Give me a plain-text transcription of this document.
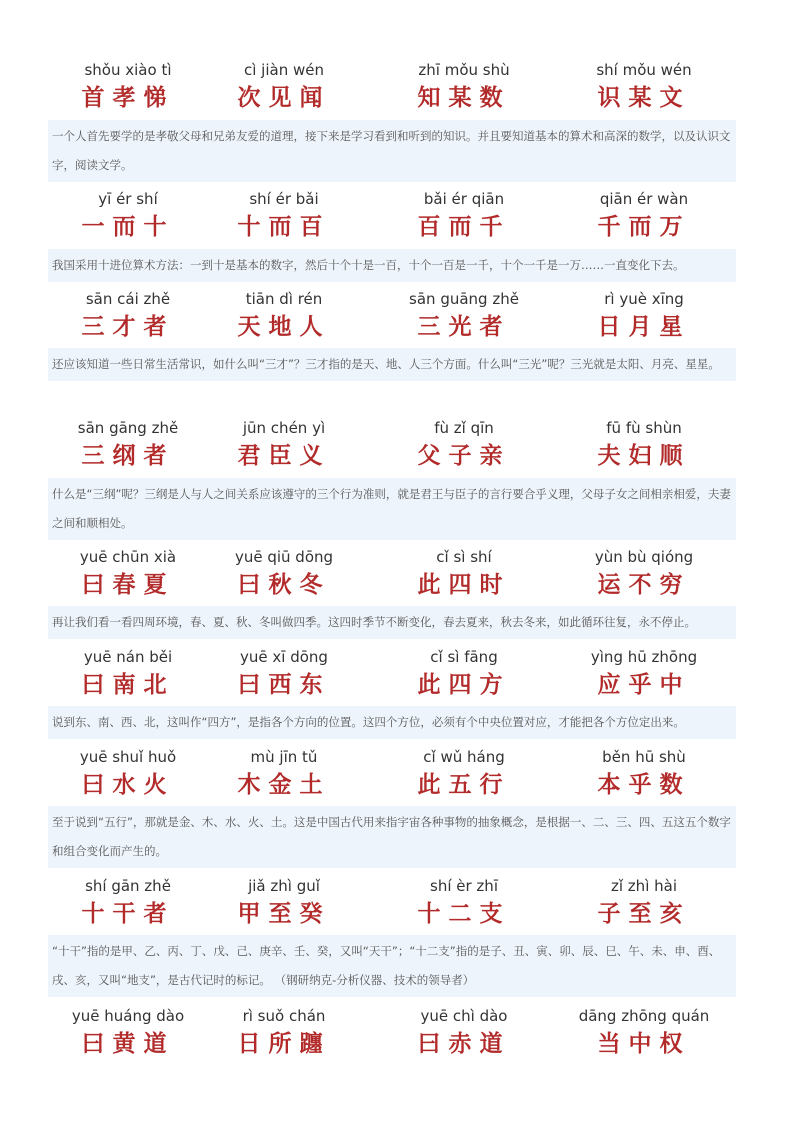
shǒu xiào tì
首孝悌
cì jiàn wén
次见闻
zhī mǒu shù
知某数
shí mǒu wén
识某文
一个人首先要学的是孝敬父母和兄弟友爱的道理，接下来是学习看到和听到的知识。并且要知道基本的算术和高深的数学，以及认识文字，阅读文学。
yī ér shí
一而十
shí ér bǎi
十而百
bǎi ér qiān
百而千
qiān ér wàn
千而万
我国采用十进位算术方法：一到十是基本的数字，然后十个十是一百，十个一百是一千，十个一千是一万……一直变化下去。
sān cái zhě
三才者
tiān dì rén
天地人
sān guāng zhě
三光者
rì yuè xīng
日月星
还应该知道一些日常生活常识，如什么叫“三才”？三才指的是天、地、人三个方面。什么叫“三光”呢？三光就是太阳、月亮、星星。
sān gāng zhě
三纲者
jūn chén yì
君臣义
fù zǐ qīn
父子亲
fū fù shùn
夫妇顺
什么是“三纲”呢？三纲是人与人之间关系应该遵守的三个行为准则，就是君王与臣子的言行要合乎义理，父母子女之间相亲相爱，夫妻之间和顺相处。
yuē chūn xià
曰春夏
yuē qiū dōng
曰秋冬
cǐ sì shí
此四时
yùn bù qióng
运不穷
再让我们看一看四周环境，春、夏、秋、冬叫做四季。这四时季节不断变化，春去夏来，秋去冬来，如此循环往复，永不停止。
yuē nán běi
曰南北
yuē xī dōng
曰西东
cǐ sì fāng
此四方
yìng hū zhōng
应乎中
说到东、南、西、北，这叫作“四方”，是指各个方向的位置。这四个方位，必须有个中央位置对应，才能把各个方位定出来。
yuē shuǐ huǒ
曰水火
mù jīn tǔ
木金土
cǐ wǔ háng
此五行
běn hū shù
本乎数
至于说到“五行”，那就是金、木、水、火、土。这是中国古代用来指宇宙各种事物的抽象概念，是根据一、二、三、四、五这五个数字和组合变化而产生的。
shí gān zhě
十干者
jiǎ zhì guǐ
甲至癸
shí èr zhī
十二支
zǐ zhì hài
子至亥
“十干”指的是甲、乙、丙、丁、戊、己、庚辛、壬、癸，又叫“天干”；“十二支”指的是子、丑、寅、卯、辰、巳、午、未、申、酉、戌、亥，又叫“地支”，是古代记时的标记。 （钢研纳克-分析仪器、技术的领导者）
yuē huáng dào
曰黄道
rì suǒ chán
日所躔
yuē chì dào
曰赤道
dāng zhōng quán
当中权
